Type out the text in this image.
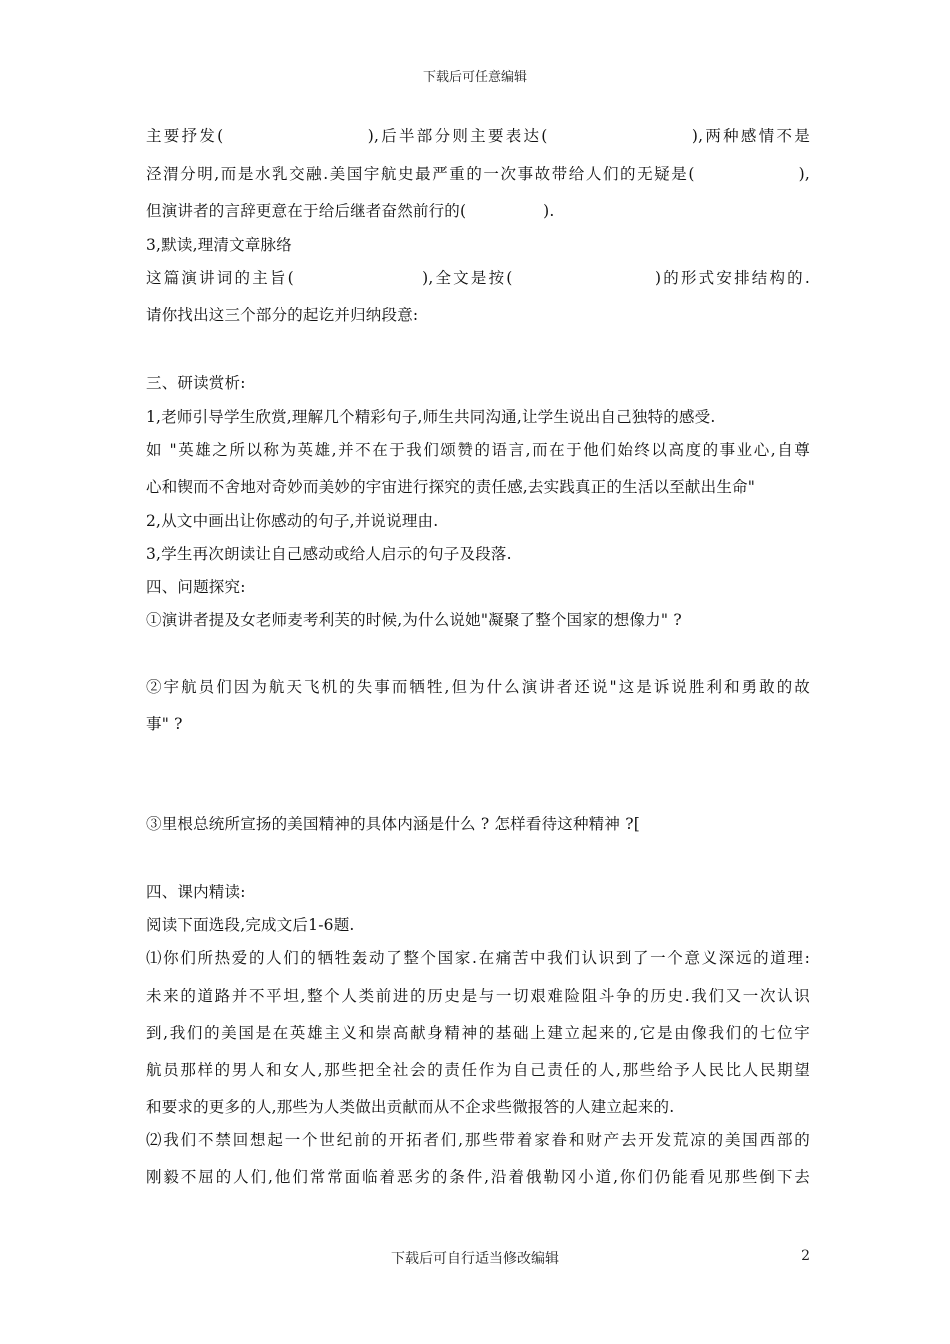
下载后可任意编辑
主要抒发(                    ),后半部分则主要表达(                    ),两种感情不是
泾渭分明,而是水乳交融.美国宇航史最严重的一次事故带给人们的无疑是(                ),
但演讲者的言辞更意在于给后继者奋然前行的(               ).
3,默读,理清文章脉络
这篇演讲词的主旨(                  ),全文是按(                    )的形式安排结构的.
请你找出这三个部分的起讫并归纳段意:
三、研读赏析:
1,老师引导学生欣赏,理解几个精彩句子,师生共同沟通,让学生说出自己独特的感受.
如 "英雄之所以称为英雄,并不在于我们颂赞的语言,而在于他们始终以高度的事业心,自尊
心和锲而不舍地对奇妙而美妙的宇宙进行探究的责任感,去实践真正的生活以至献出生命"
2,从文中画出让你感动的句子,并说说理由.
3,学生再次朗读让自己感动或给人启示的句子及段落.
四、问题探究:
①演讲者提及女老师麦考利芙的时候,为什么说她"凝聚了整个国家的想像力" ?
②宇航员们因为航天飞机的失事而牺牲,但为什么演讲者还说"这是诉说胜利和勇敢的故
事" ?
③里根总统所宣扬的美国精神的具体内涵是什么 ? 怎样看待这种精神 ?[
四、课内精读:
阅读下面选段,完成文后1-6题.
⑴你们所热爱的人们的牺牲轰动了整个国家.在痛苦中我们认识到了一个意义深远的道理:
未来的道路并不平坦,整个人类前进的历史是与一切艰难险阻斗争的历史.我们又一次认识
到,我们的美国是在英雄主义和崇高献身精神的基础上建立起来的,它是由像我们的七位宇
航员那样的男人和女人,那些把全社会的责任作为自己责任的人,那些给予人民比人民期望
和要求的更多的人,那些为人类做出贡献而从不企求些微报答的人建立起来的.
⑵我们不禁回想起一个世纪前的开拓者们,那些带着家眷和财产去开发荒凉的美国西部的
刚毅不屈的人们,他们常常面临着恶劣的条件,沿着俄勒冈小道,你们仍能看见那些倒下去
下载后可自行适当修改编辑	2
